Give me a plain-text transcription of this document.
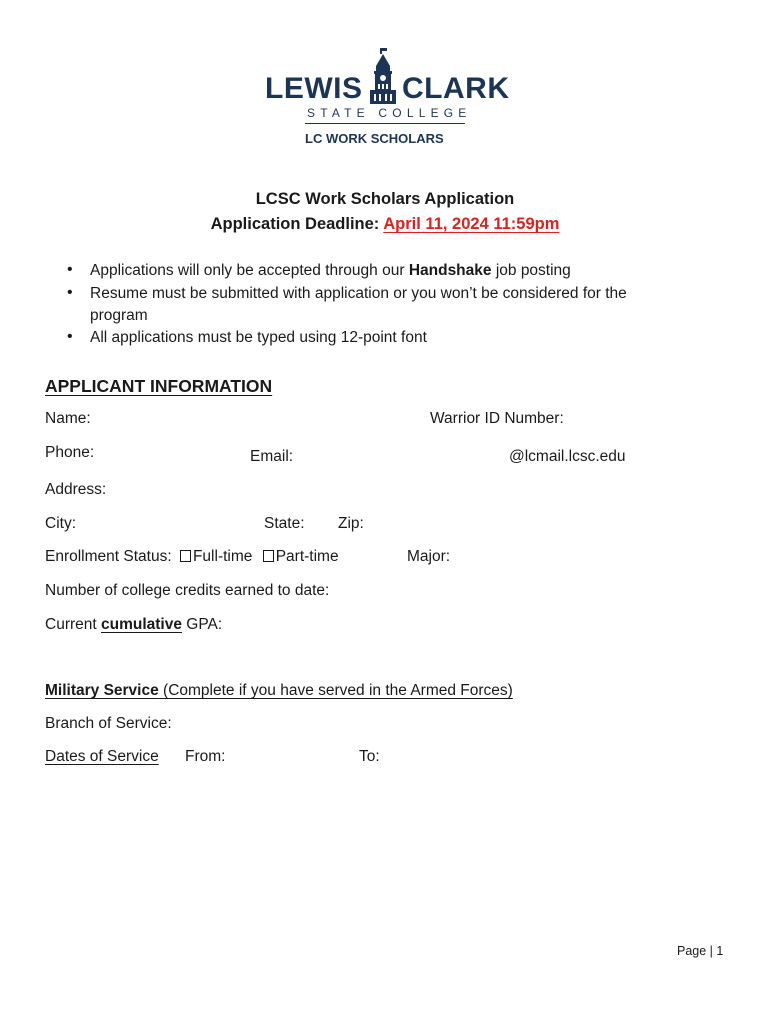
LEWIS CLARK
STATE COLLEGE
LC WORK SCHOLARS
LCSC Work Scholars Application
Application Deadline: April 11, 2024 11:59pm
• Applications will only be accepted through our Handshake job posting
• Resume must be submitted with application or you won’t be considered for the
program
• All applications must be typed using 12-point font
APPLICANT INFORMATION
Name:	Warrior ID Number:
Phone:	Email:	@lcmail.lcsc.edu
Address:
City:	State: Zip:
Enrollment Status: Full-time Part-time	Major:
Number of college credits earned to date:
Current cumulative GPA:
Military Service (Complete if you have served in the Armed Forces)
Branch of Service:
Dates of Service From:	To:
Page | 1
